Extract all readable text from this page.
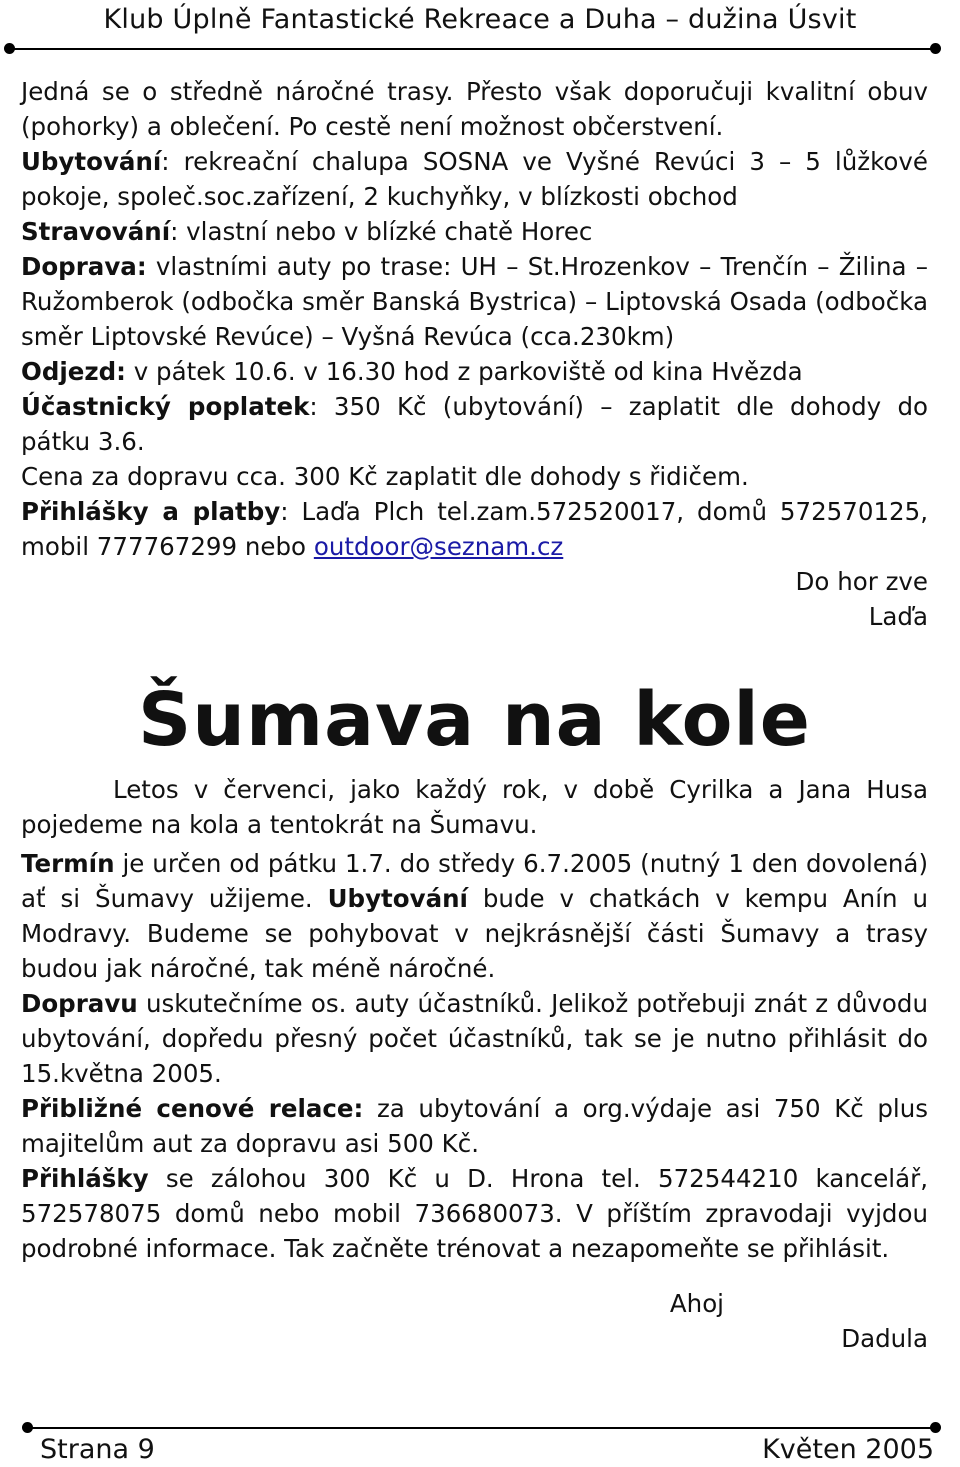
Klub Úplně Fantastické Rekreace a Duha – dužina Úsvit

Jedná se o středně náročné trasy. Přesto však doporučuji kvalitní obuv (pohorky) a oblečení. Po cestě není možnost občerstvení.

Ubytování: rekreační chalupa SOSNA ve Vyšné Revúci 3 – 5 lůžkové pokoje, společ.soc.zařízení, 2 kuchyňky, v blízkosti obchod

Stravování: vlastní nebo v blízké chatě Horec

Doprava: vlastními auty po trase: UH – St.Hrozenkov – Trenčín – Žilina – Ružomberok (odbočka směr Banská Bystrica) – Liptovská Osada (odbočka směr Liptovské Revúce) – Vyšná Revúca (cca.230km)

Odjezd: v pátek 10.6. v 16.30 hod z parkoviště od kina Hvězda

Účastnický poplatek: 350 Kč (ubytování) – zaplatit dle dohody do pátku 3.6.

Cena za dopravu cca. 300 Kč zaplatit dle dohody s řidičem.

Přihlášky a platby: Laďa Plch tel.zam.572520017, domů 572570125, mobil 777767299 nebo outdoor@seznam.cz

Do hor zve

Laďa

Šumava na kole

Letos v červenci, jako každý rok, v době Cyrilka a Jana Husa pojedeme na kola a tentokrát na Šumavu.

Termín je určen od pátku 1.7. do středy 6.7.2005 (nutný 1 den dovolená) ať si Šumavy užijeme. Ubytování bude v chatkách v kempu Anín u Modravy. Budeme se pohybovat v nejkrásnější části Šumavy a trasy budou jak náročné, tak méně náročné.

Dopravu uskutečníme os. auty účastníků. Jelikož potřebuji znát z důvodu ubytování, dopředu přesný počet účastníků, tak se je nutno přihlásit do 15.května 2005.

Přibližné cenové relace: za ubytování a org.výdaje asi 750 Kč plus majitelům aut za dopravu asi 500 Kč.

Přihlášky se zálohou 300 Kč u D. Hrona tel. 572544210 kancelář, 572578075 domů nebo mobil 736680073. V příštím zpravodaji vyjdou podrobné informace. Tak začněte trénovat a nezapomeňte se přihlásit.

Ahoj

Dadula

Strana 9	Květen 2005
